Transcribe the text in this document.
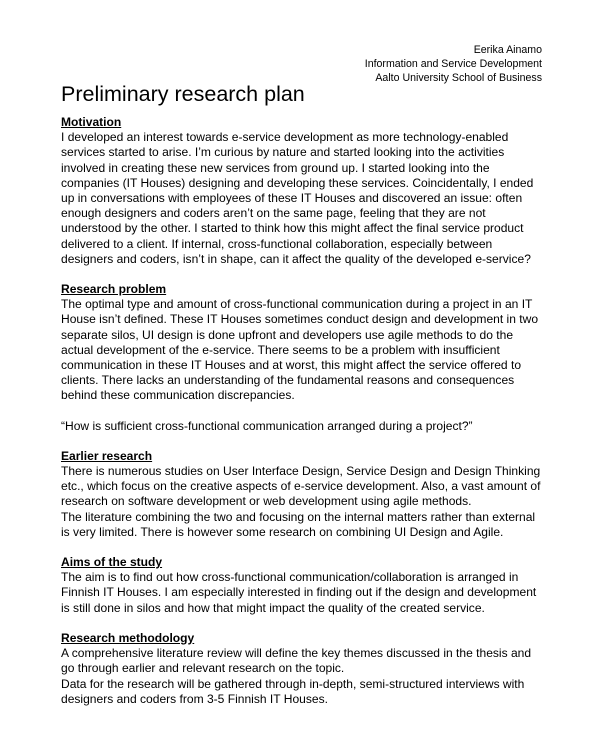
Eerika Ainamo
Information and Service Development
Aalto University School of Business
Preliminary research plan
Motivation
I developed an interest towards e-service development as more technology-enabled
services started to arise. I’m curious by nature and started looking into the activities
involved in creating these new services from ground up. I started looking into the
companies (IT Houses) designing and developing these services. Coincidentally, I ended
up in conversations with employees of these IT Houses and discovered an issue: often
enough designers and coders aren’t on the same page, feeling that they are not
understood by the other. I started to think how this might affect the final service product
delivered to a client. If internal, cross-functional collaboration, especially between
designers and coders, isn’t in shape, can it affect the quality of the developed e-service?
Research problem
The optimal type and amount of cross-functional communication during a project in an IT
House isn’t defined. These IT Houses sometimes conduct design and development in two
separate silos, UI design is done upfront and developers use agile methods to do the
actual development of the e-service. There seems to be a problem with insufficient
communication in these IT Houses and at worst, this might affect the service offered to
clients. There lacks an understanding of the fundamental reasons and consequences
behind these communication discrepancies.
“How is sufficient cross-functional communication arranged during a project?”
Earlier research
There is numerous studies on User Interface Design, Service Design and Design Thinking
etc., which focus on the creative aspects of e-service development. Also, a vast amount of
research on software development or web development using agile methods.
The literature combining the two and focusing on the internal matters rather than external
is very limited. There is however some research on combining UI Design and Agile.
Aims of the study
The aim is to find out how cross-functional communication/collaboration is arranged in
Finnish IT Houses. I am especially interested in finding out if the design and development
is still done in silos and how that might impact the quality of the created service.
Research methodology
A comprehensive literature review will define the key themes discussed in the thesis and
go through earlier and relevant research on the topic.
Data for the research will be gathered through in-depth, semi-structured interviews with
designers and coders from 3-5 Finnish IT Houses.
